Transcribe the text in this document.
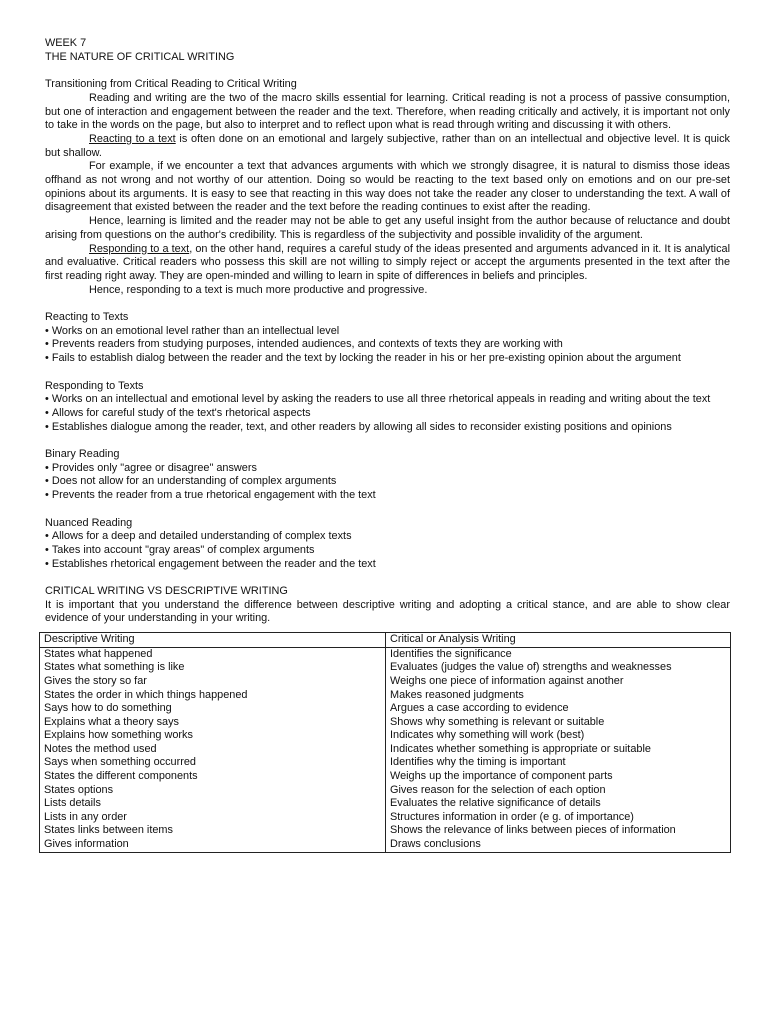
WEEK 7
THE NATURE OF CRITICAL WRITING
Transitioning from Critical Reading to Critical Writing

Reading and writing are the two of the macro skills essential for learning. Critical reading is not a process of passive consumption, but one of interaction and engagement between the reader and the text. Therefore, when reading critically and actively, it is important not only to take in the words on the page, but also to interpret and to reflect upon what is read through writing and discussing it with others.

Reacting to a text is often done on an emotional and largely subjective, rather than on an intellectual and objective level. It is quick but shallow.

For example, if we encounter a text that advances arguments with which we strongly disagree, it is natural to dismiss those ideas offhand as not wrong and not worthy of our attention. Doing so would be reacting to the text based only on emotions and on our pre-set opinions about its arguments. It is easy to see that reacting in this way does not take the reader any closer to understanding the text. A wall of disagreement that existed between the reader and the text before the reading continues to exist after the reading.

Hence, learning is limited and the reader may not be able to get any useful insight from the author because of reluctance and doubt arising from questions on the author's credibility. This is regardless of the subjectivity and possible invalidity of the argument.

Responding to a text, on the other hand, requires a careful study of the ideas presented and arguments advanced in it. It is analytical and evaluative. Critical readers who possess this skill are not willing to simply reject or accept the arguments presented in the text after the first reading right away. They are open-minded and willing to learn in spite of differences in beliefs and principles.

Hence, responding to a text is much more productive and progressive.

Reacting to Texts
• Works on an emotional level rather than an intellectual level
• Prevents readers from studying purposes, intended audiences, and contexts of texts they are working with
• Fails to establish dialog between the reader and the text by locking the reader in his or her pre-existing opinion about the argument
Responding to Texts
• Works on an intellectual and emotional level by asking the readers to use all three rhetorical appeals in reading and writing about the text
• Allows for careful study of the text's rhetorical aspects
• Establishes dialogue among the reader, text, and other readers by allowing all sides to reconsider existing positions and opinions
Binary Reading
• Provides only "agree or disagree" answers
• Does not allow for an understanding of complex arguments
• Prevents the reader from a true rhetorical engagement with the text
Nuanced Reading
• Allows for a deep and detailed understanding of complex texts
• Takes into account "gray areas" of complex arguments
• Establishes rhetorical engagement between the reader and the text
CRITICAL WRITING VS DESCRIPTIVE WRITING

It is important that you understand the difference between descriptive writing and adopting a critical stance, and are able to show clear evidence of your understanding in your writing.

Descriptive Writing	Critical or Analysis Writing
States what happened	Identifies the significance
States what something is like	Evaluates (judges the value of) strengths and weaknesses
Gives the story so far	Weighs one piece of information against another
States the order in which things happened	Makes reasoned judgments
Says how to do something	Argues a case according to evidence
Explains what a theory says	Shows why something is relevant or suitable
Explains how something works	Indicates why something will work (best)
Notes the method used	Indicates whether something is appropriate or suitable
Says when something occurred	Identifies why the timing is important
States the different components	Weighs up the importance of component parts
States options	Gives reason for the selection of each option
Lists details	Evaluates the relative significance of details
Lists in any order	Structures information in order (e g. of importance)
States links between items	Shows the relevance of links between pieces of information
Gives information	Draws conclusions
